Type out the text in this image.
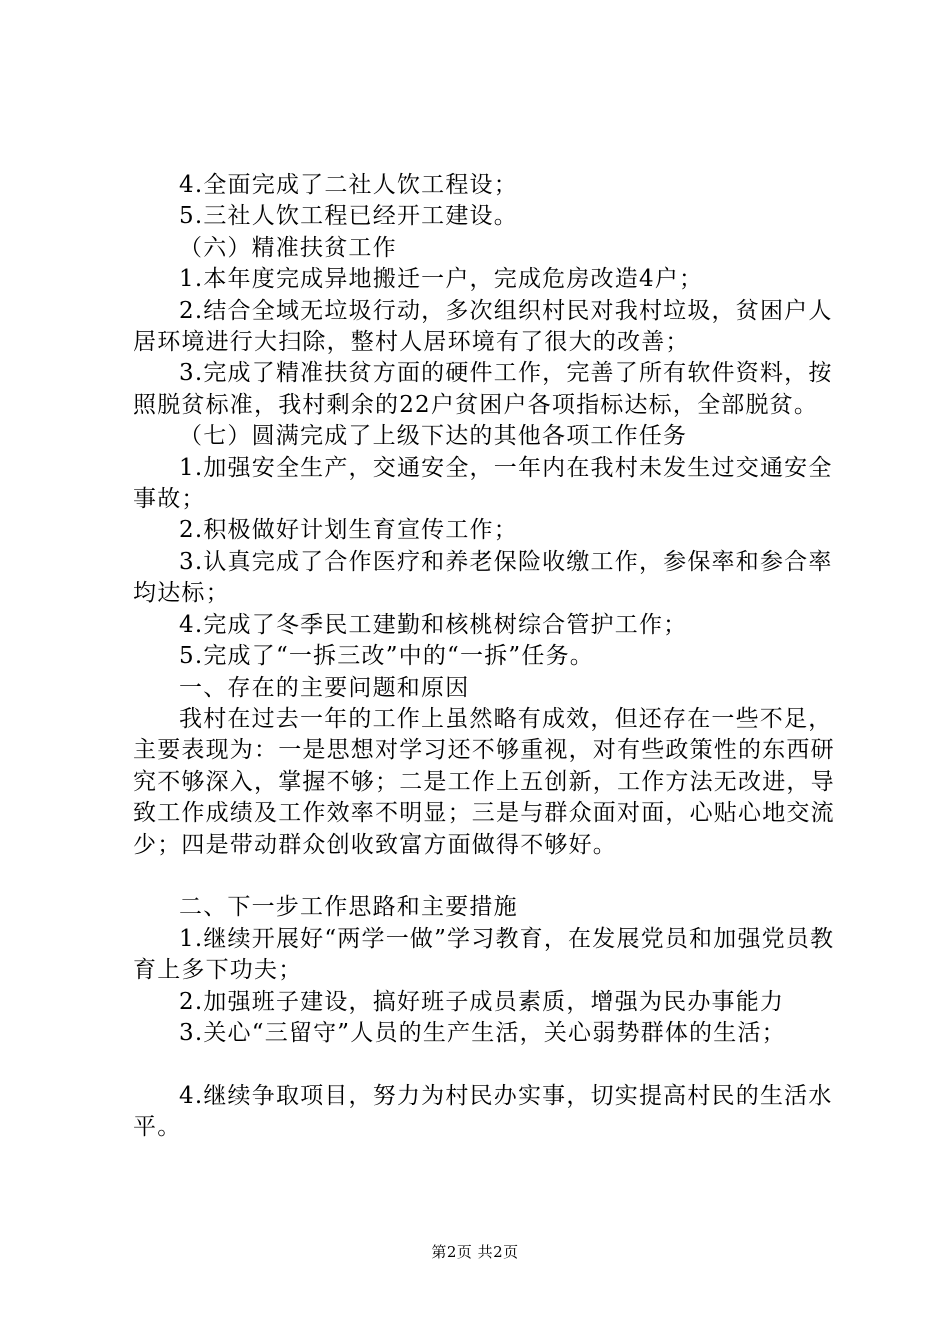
4.全面完成了二社人饮工程设；

5.三社人饮工程已经开工建设。

（六）精准扶贫工作

1.本年度完成异地搬迁一户，完成危房改造4户；

2.结合全域无垃圾行动，多次组织村民对我村垃圾，贫困户人居环境进行大扫除，整村人居环境有了很大的改善；

3.完成了精准扶贫方面的硬件工作，完善了所有软件资料，按照脱贫标准，我村剩余的22户贫困户各项指标达标，全部脱贫。

（七）圆满完成了上级下达的其他各项工作任务

1.加强安全生产，交通安全，一年内在我村未发生过交通安全事故；

2.积极做好计划生育宣传工作；

3.认真完成了合作医疗和养老保险收缴工作，参保率和参合率均达标；

4.完成了冬季民工建勤和核桃树综合管护工作；

5.完成了“一拆三改”中的“一拆”任务。

一、存在的主要问题和原因

我村在过去一年的工作上虽然略有成效，但还存在一些不足，主要表现为：一是思想对学习还不够重视，对有些政策性的东西研究不够深入，掌握不够；二是工作上五创新，工作方法无改进，导致工作成绩及工作效率不明显；三是与群众面对面，心贴心地交流少；四是带动群众创收致富方面做得不够好。

二、下一步工作思路和主要措施

1.继续开展好“两学一做”学习教育，在发展党员和加强党员教育上多下功夫；

2.加强班子建设，搞好班子成员素质，增强为民办事能力

3.关心“三留守”人员的生产生活，关心弱势群体的生活；

4.继续争取项目，努力为村民办实事，切实提高村民的生活水平。

第2页 共2页
